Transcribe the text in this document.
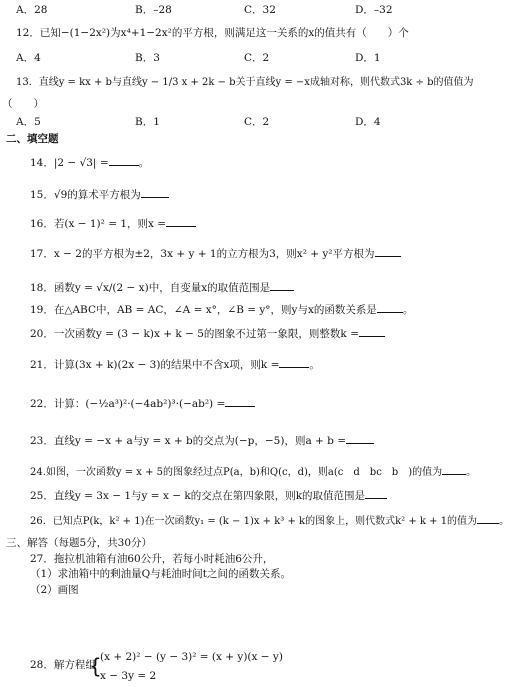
A．28	B．–28	C．32	D．–32
12．已知−(1−2x²)为x⁴+1−2x²的平方根，则满足这一关系的x的值共有（　　）个
A．4	B．3	C．2	D．1
13．直线y = kx + b与直线y − 1/3 x + 2k − b关于直线y = −x成轴对称，则代数式3k ÷ b的值值为
（　　）
A．5	B．1	C．2	D．4
二、填空题
14．|2 − √3| =	。
15．√9的算术平方根为
16．若(x − 1)² = 1，则x =
17．x − 2的平方根为±2，3x + y + 1的立方根为3，则x² + y²平方根为
18．函数y = √x/(2 − x)中，自变量x的取值范围是
19．在△ABC中，AB = AC，∠A = x°，∠B = y°，则y与x的函数关系是 。
20．一次函数y = (3 − k)x + k − 5的图象不过第一象限，则整数k =
21．计算(3x + k)(2x − 3)的结果中不含x项，则k =	。
22．计算：(−½a³)²·(−4ab²)³·(−ab²) =
23．直线y = −x + a与y = x + b的交点为(−p，−5)，则a + b =
24.如图，一次函数y = x + 5的图象经过点P(a，b)和Q(c，d)，则a(c　d　bc　b　)的值为 。
25．直线y = 3x − 1与y = x − k的交点在第四象限，则k的取值范围是
26．已知点P(k，k² + 1)在一次函数y₁ = (k − 1)x + k³ + k的图象上，则代数式k² + k + 1的值为 。
三、解答（每题5分，共30分）
27．拖拉机油箱有油60公升，若每小时耗油6公升，
（1）求油箱中的剩油量Q与耗油时间t之间的函数关系。
（2）画图
28．解方程组
{
(x + 2)² − (y − 3)² = (x + y)(x − y)
x − 3y = 2
